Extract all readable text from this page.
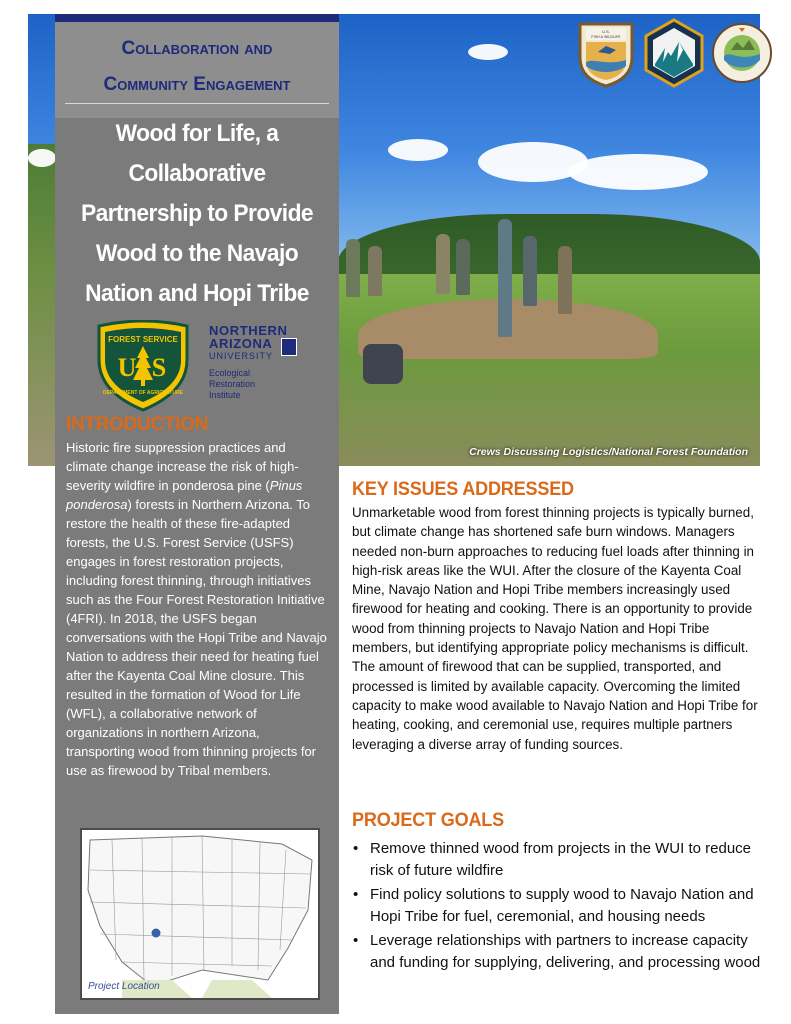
Crews Discussing Logistics/National Forest Foundation
U.S.
FISH & WILDLIFE
Collaboration and
Community Engagement
Wood for Life, a
Collaborative
Partnership to Provide
Wood to the Navajo
Nation and Hopi Tribe
FOREST SERVICE
U S
DEPARTMENT OF AGRICULTURE
NORTHERN
ARIZONA
UNIVERSITY
Ecological
Restoration
Institute
INTRODUCTION
Historic fire suppression practices and climate change increase the risk of high-severity wildfire in ponderosa pine (Pinus ponderosa) forests in Northern Arizona. To restore the health of these fire-adapted forests, the U.S. Forest Service (USFS) engages in forest restoration projects, including forest thinning, through initiatives such as the Four Forest Restoration Initiative (4FRI). In 2018, the USFS began conversations with the Hopi Tribe and Navajo Nation to address their need for heating fuel after the Kayenta Coal Mine closure. This resulted in the formation of Wood for Life (WFL), a collaborative network of organizations in northern Arizona, transporting wood from thinning projects for use as firewood by Tribal members.
Project Location
KEY ISSUES ADDRESSED
Unmarketable wood from forest thinning projects is typically burned, but climate change has shortened safe burn windows. Managers needed non-burn approaches to reducing fuel loads after thinning in high-risk areas like the WUI. After the closure of the Kayenta Coal Mine, Navajo Nation and Hopi Tribe members increasingly used firewood for heating and cooking. There is an opportunity to provide wood from thinning projects to Navajo Nation and Hopi Tribe members, but identifying appropriate policy mechanisms is difficult. The amount of firewood that can be supplied, transported, and processed is limited by available capacity. Overcoming the limited capacity to make wood available to Navajo Nation and Hopi Tribe for heating, cooking, and ceremonial use, requires multiple partners leveraging a diverse array of funding sources.
PROJECT GOALS
• Remove thinned wood from projects in the WUI to reduce risk of future wildfire
• Find policy solutions to supply wood to Navajo Nation and Hopi Tribe for fuel, ceremonial, and housing needs
• Leverage relationships with partners to increase capacity and funding for supplying, delivering, and processing wood
